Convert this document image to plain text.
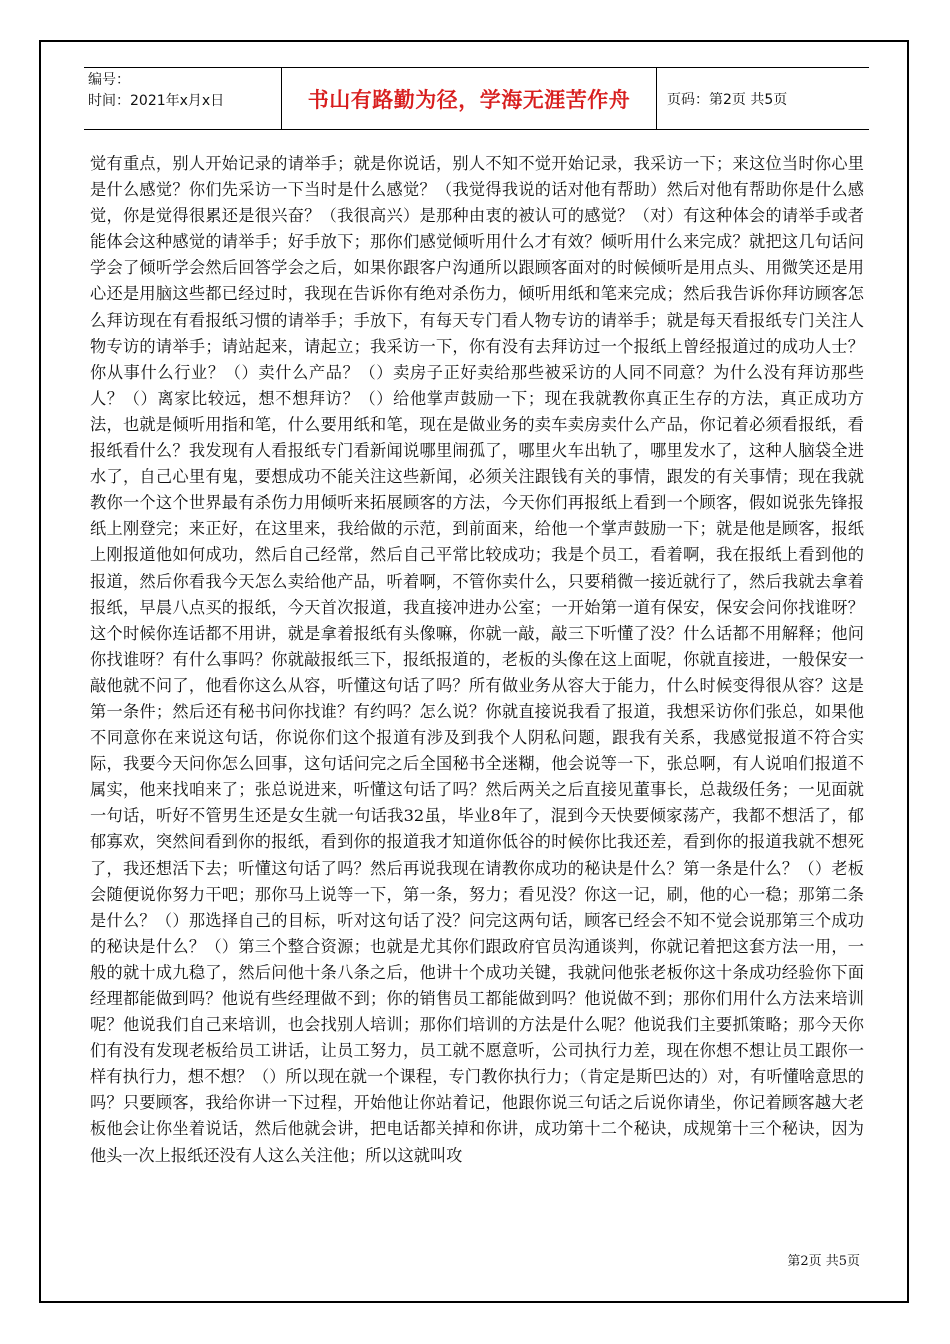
编号：
时间：2021年x月x日	书山有路勤为径，学海无涯苦作舟	页码：第2页 共5页
觉有重点，别人开始记录的请举手；就是你说话，别人不知不觉开始记录，我采访一下；来这位当时你心里是什么感觉？你们先采访一下当时是什么感觉？（我觉得我说的话对他有帮助）然后对他有帮助你是什么感觉，你是觉得很累还是很兴奋？（我很高兴）是那种由衷的被认可的感觉？（对）有这种体会的请举手或者能体会这种感觉的请举手；好手放下；那你们感觉倾听用什么才有效？倾听用什么来完成？就把这几句话问学会了倾听学会然后回答学会之后，如果你跟客户沟通所以跟顾客面对的时候倾听是用点头、用微笑还是用心还是用脑这些都已经过时，我现在告诉你有绝对杀伤力，倾听用纸和笔来完成；然后我告诉你拜访顾客怎么拜访现在有看报纸习惯的请举手；手放下，有每天专门看人物专访的请举手；就是每天看报纸专门关注人物专访的请举手；请站起来，请起立；我采访一下，你有没有去拜访过一个报纸上曾经报道过的成功人士？你从事什么行业？（）卖什么产品？（）卖房子正好卖给那些被采访的人同不同意？为什么没有拜访那些人？（）离家比较远，想不想拜访？（）给他掌声鼓励一下；现在我就教你真正生存的方法，真正成功方法，也就是倾听用指和笔，什么要用纸和笔，现在是做业务的卖车卖房卖什么产品，你记着必须看报纸，看报纸看什么？我发现有人看报纸专门看新闻说哪里闹孤了，哪里火车出轨了，哪里发水了，这种人脑袋全进水了，自己心里有鬼，要想成功不能关注这些新闻，必须关注跟钱有关的事情，跟发的有关事情；现在我就教你一个这个世界最有杀伤力用倾听来拓展顾客的方法，今天你们再报纸上看到一个顾客，假如说张先锋报纸上刚登完；来正好，在这里来，我给做的示范，到前面来，给他一个掌声鼓励一下；就是他是顾客，报纸上刚报道他如何成功，然后自己经常，然后自己平常比较成功；我是个员工，看着啊，我在报纸上看到他的报道，然后你看我今天怎么卖给他产品，听着啊，不管你卖什么，只要稍微一接近就行了，然后我就去拿着报纸，早晨八点买的报纸，今天首次报道，我直接冲进办公室；一开始第一道有保安，保安会问你找谁呀？这个时候你连话都不用讲，就是拿着报纸有头像嘛，你就一敲，敲三下听懂了没？什么话都不用解释；他问你找谁呀？有什么事吗？你就敲报纸三下，报纸报道的，老板的头像在这上面呢，你就直接进，一般保安一敲他就不问了，他看你这么从容，听懂这句话了吗？所有做业务从容大于能力，什么时候变得很从容？这是第一条件；然后还有秘书问你找谁？有约吗？怎么说？你就直接说我看了报道，我想采访你们张总，如果他不同意你在来说这句话，你说你们这个报道有涉及到我个人阴私问题，跟我有关系，我感觉报道不符合实际，我要今天问你怎么回事，这句话问完之后全国秘书全迷糊，他会说等一下，张总啊，有人说咱们报道不属实，他来找咱来了；张总说进来，听懂这句话了吗？然后两关之后直接见董事长，总裁级任务；一见面就一句话，听好不管男生还是女生就一句话我32虽，毕业8年了，混到今天快要倾家荡产，我都不想活了，郁郁寡欢，突然间看到你的报纸，看到你的报道我才知道你低谷的时候你比我还差，看到你的报道我就不想死了，我还想活下去；听懂这句话了吗？然后再说我现在请教你成功的秘诀是什么？第一条是什么？（）老板会随便说你努力干吧；那你马上说等一下，第一条，努力；看见没？你这一记，刷，他的心一稳；那第二条是什么？（）那选择自己的目标，听对这句话了没？问完这两句话，顾客已经会不知不觉会说那第三个成功的秘诀是什么？（）第三个整合资源；也就是尤其你们跟政府官员沟通谈判，你就记着把这套方法一用，一般的就十成九稳了，然后问他十条八条之后，他讲十个成功关键，我就问他张老板你这十条成功经验你下面经理都能做到吗？他说有些经理做不到；你的销售员工都能做到吗？他说做不到；那你们用什么方法来培训呢？他说我们自己来培训，也会找别人培训；那你们培训的方法是什么呢？他说我们主要抓策略；那今天你们有没有发现老板给员工讲话，让员工努力，员工就不愿意听，公司执行力差，现在你想不想让员工跟你一样有执行力，想不想？（）所以现在就一个课程，专门教你执行力；（肯定是斯巴达的）对，有听懂啥意思的吗？只要顾客，我给你讲一下过程，开始他让你站着记，他跟你说三句话之后说你请坐，你记着顾客越大老板他会让你坐着说话，然后他就会讲，把电话都关掉和你讲，成功第十二个秘诀，成规第十三个秘诀，因为他头一次上报纸还没有人这么关注他；所以这就叫攻
第2页 共5页
